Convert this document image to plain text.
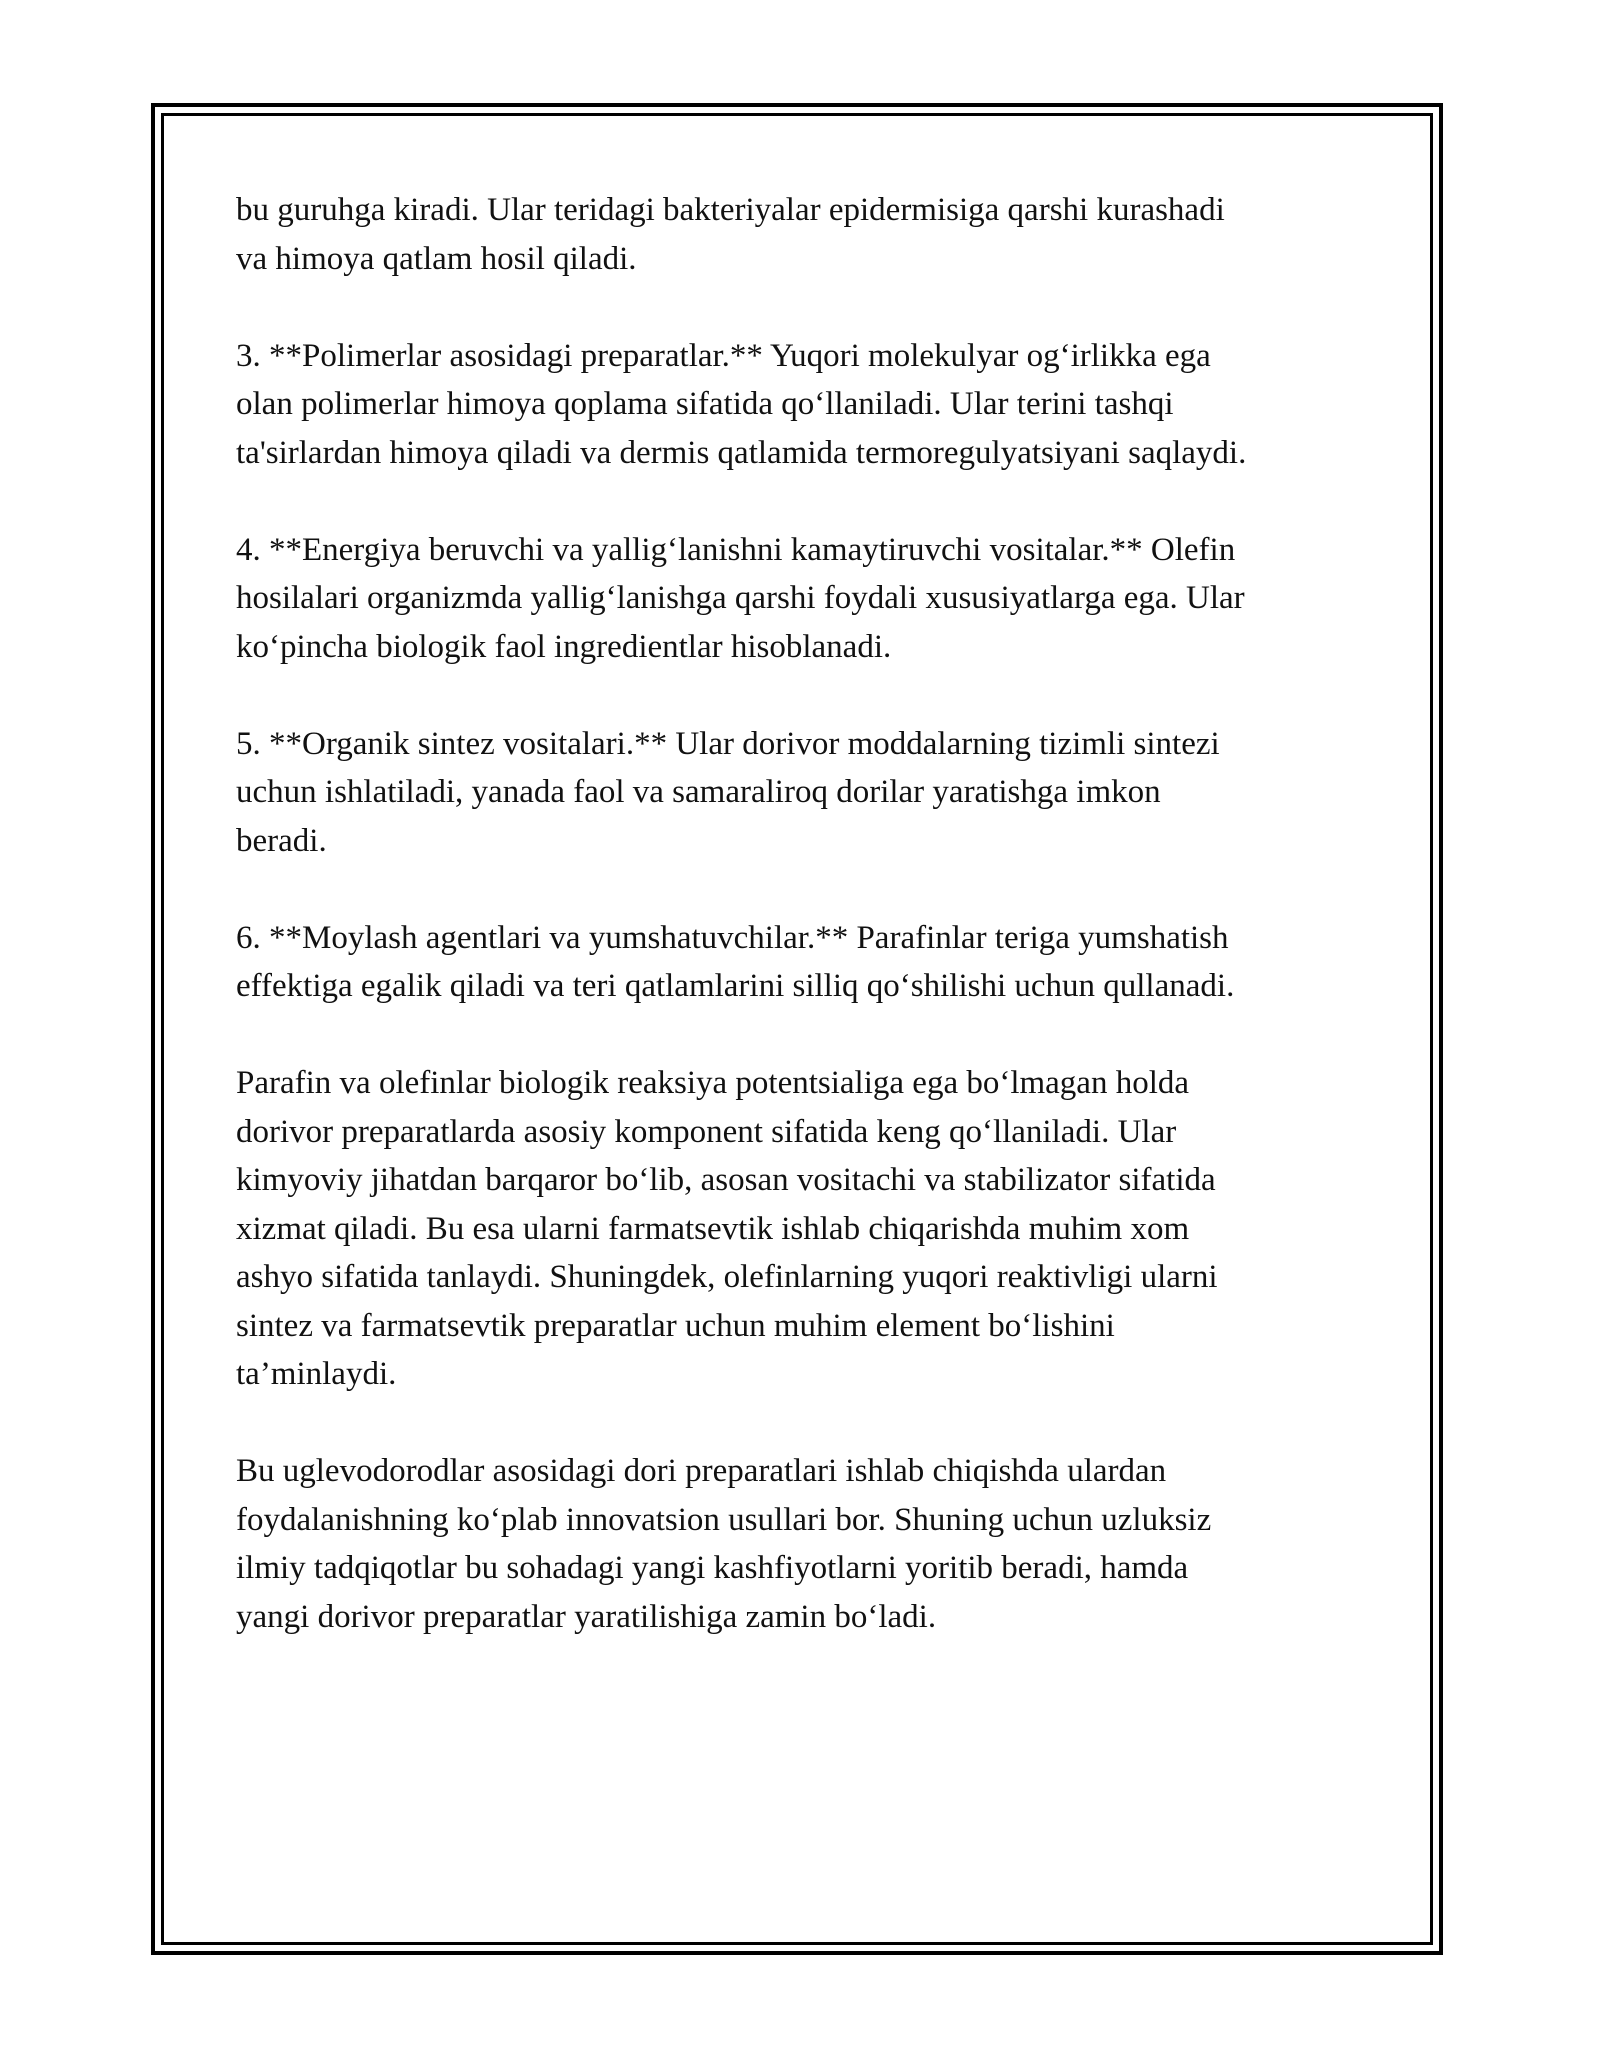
bu guruhga kiradi. Ular teridagi bakteriyalar epidermisiga qarshi kurashadi
va himoya qatlam hosil qiladi.

3. **Polimerlar asosidagi preparatlar.** Yuqori molekulyar og‘irlikka ega
olan polimerlar himoya qoplama sifatida qo‘llaniladi. Ular terini tashqi
ta'sirlardan himoya qiladi va dermis qatlamida termoregulyatsiyani saqlaydi.

4. **Energiya beruvchi va yallig‘lanishni kamaytiruvchi vositalar.** Olefin
hosilalari organizmda yallig‘lanishga qarshi foydali xususiyatlarga ega. Ular
ko‘pincha biologik faol ingredientlar hisoblanadi.

5. **Organik sintez vositalari.** Ular dorivor moddalarning tizimli sintezi
uchun ishlatiladi, yanada faol va samaraliroq dorilar yaratishga imkon
beradi.

6. **Moylash agentlari va yumshatuvchilar.** Parafinlar teriga yumshatish
effektiga egalik qiladi va teri qatlamlarini silliq qo‘shilishi uchun qullanadi.

Parafin va olefinlar biologik reaksiya potentsialiga ega bo‘lmagan holda
dorivor preparatlarda asosiy komponent sifatida keng qo‘llaniladi. Ular
kimyoviy jihatdan barqaror bo‘lib, asosan vositachi va stabilizator sifatida
xizmat qiladi. Bu esa ularni farmatsevtik ishlab chiqarishda muhim xom
ashyo sifatida tanlaydi. Shuningdek, olefinlarning yuqori reaktivligi ularni
sintez va farmatsevtik preparatlar uchun muhim element bo‘lishini
ta’minlaydi.

Bu uglevodorodlar asosidagi dori preparatlari ishlab chiqishda ulardan
foydalanishning ko‘plab innovatsion usullari bor. Shuning uchun uzluksiz
ilmiy tadqiqotlar bu sohadagi yangi kashfiyotlarni yoritib beradi, hamda
yangi dorivor preparatlar yaratilishiga zamin bo‘ladi.
